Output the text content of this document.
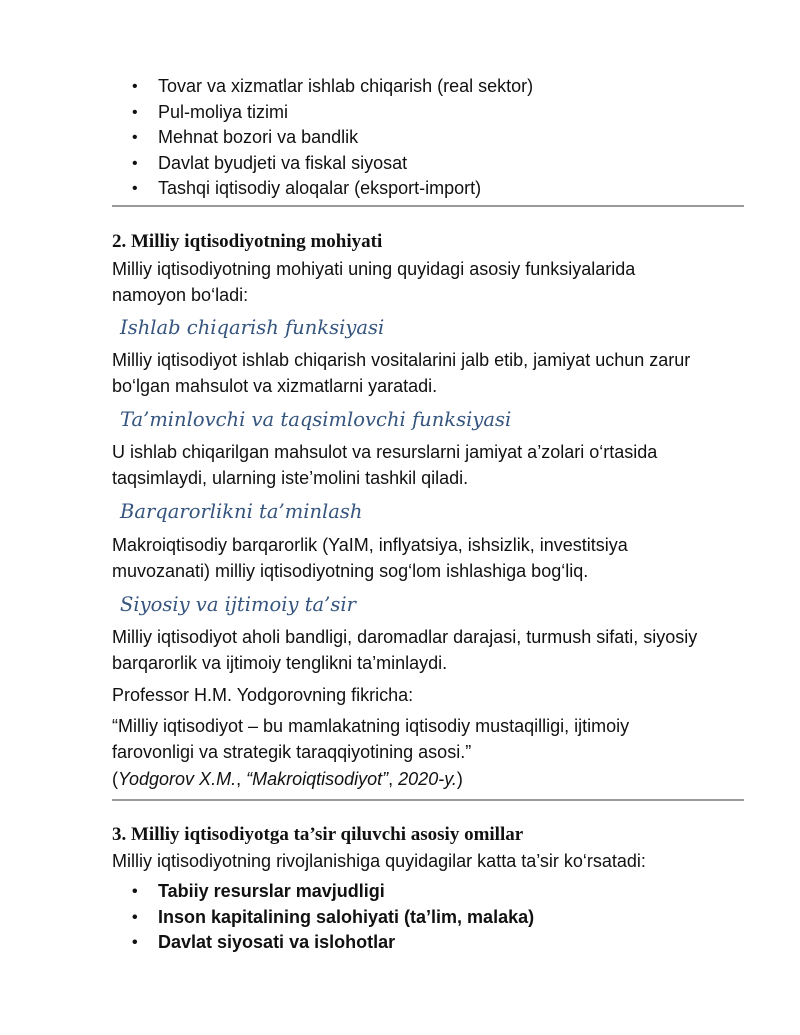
• Tovar va xizmatlar ishlab chiqarish (real sektor)
• Pul-moliya tizimi
• Mehnat bozori va bandlik
• Davlat byudjeti va fiskal siyosat
• Tashqi iqtisodiy aloqalar (eksport-import)
2. Milliy iqtisodiyotning mohiyati
Milliy iqtisodiyotning mohiyati uning quyidagi asosiy funksiyalarida namoyon bo‘ladi:
Ishlab chiqarish funksiyasi
Milliy iqtisodiyot ishlab chiqarish vositalarini jalb etib, jamiyat uchun zarur bo‘lgan mahsulot va xizmatlarni yaratadi.
Ta’minlovchi va taqsimlovchi funksiyasi
U ishlab chiqarilgan mahsulot va resurslarni jamiyat a’zolari o‘rtasida taqsimlaydi, ularning iste’molini tashkil qiladi.
Barqarorlikni ta’minlash
Makroiqtisodiy barqarorlik (YaIM, inflyatsiya, ishsizlik, investitsiya muvozanati) milliy iqtisodiyotning sog‘lom ishlashiga bog‘liq.
Siyosiy va ijtimoiy ta’sir
Milliy iqtisodiyot aholi bandligi, daromadlar darajasi, turmush sifati, siyosiy barqarorlik va ijtimoiy tenglikni ta’minlaydi.
Professor H.M. Yodgorovning fikricha:
“Milliy iqtisodiyot – bu mamlakatning iqtisodiy mustaqilligi, ijtimoiy farovonligi va strategik taraqqiyotining asosi.”
(Yodgorov X.M., “Makroiqtisodiyot”, 2020-y.)
3. Milliy iqtisodiyotga ta’sir qiluvchi asosiy omillar
Milliy iqtisodiyotning rivojlanishiga quyidagilar katta ta’sir ko‘rsatadi:
• Tabiiy resurslar mavjudligi
• Inson kapitalining salohiyati (ta’lim, malaka)
• Davlat siyosati va islohotlar
